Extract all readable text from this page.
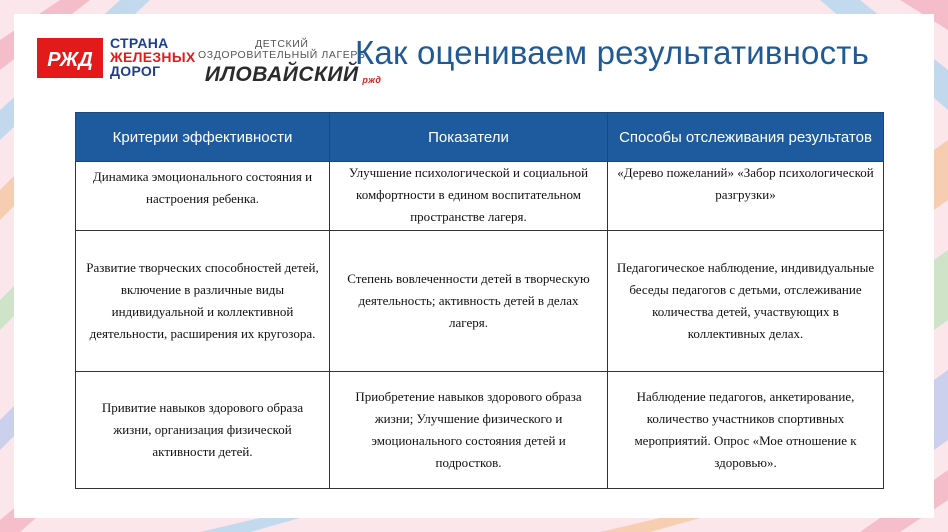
РЖД
СТРАНА
ЖЕЛЕЗНЫХ
ДОРОГ
ДЕТСКИЙ
ОЗДОРОВИТЕЛЬНЫЙ ЛАГЕРЬ
ИЛОВАЙСКИЙ ржд
Как оцениваем результативность
Критерии эффективности	Показатели	Способы отслеживания результатов
Динамика эмоционального состояния и настроения ребенка.	Улучшение психологической и социальной комфортности в едином воспитательном пространстве лагеря.	«Дерево пожеланий» «Забор психологической разгрузки»
Развитие творческих способностей детей, включение в различные виды индивидуальной и коллективной деятельности, расширения их кругозора.	Степень вовлеченности детей в творческую деятельность; активность детей в делах лагеря.	Педагогическое наблюдение, индивидуальные беседы педагогов с детьми, отслеживание количества детей, участвующих в коллективных делах.
Привитие навыков здорового образа жизни, организация физической активности детей.	Приобретение навыков здорового образа жизни; Улучшение физического и эмоционального состояния детей и подростков.	Наблюдение педагогов, анкетирование, количество участников спортивных мероприятий. Опрос «Мое отношение к здоровью».
